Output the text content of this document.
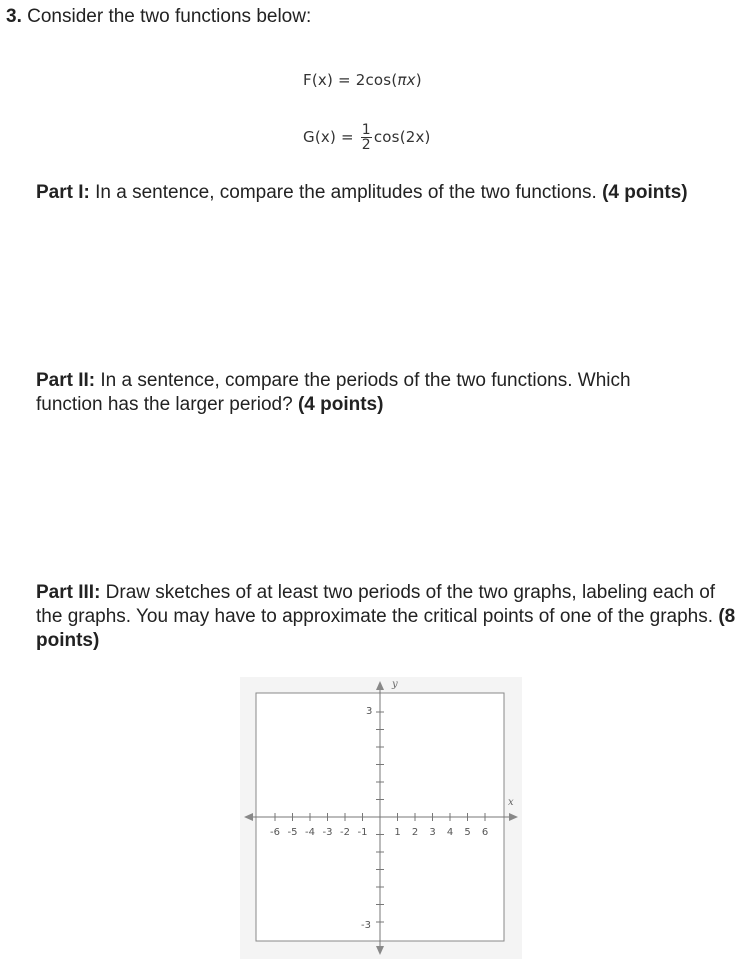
3. Consider the two functions below:
F(x) = 2cos(πx)
$G(x) = \frac{1}{2} \cos(2x)$
Part I: In a sentence, compare the amplitudes of the two functions. (4 points)
Part II: In a sentence, compare the periods of the two functions. Which function has the larger period? (4 points)
Part III: Draw sketches of at least two periods of the two graphs, labeling each of the graphs. You may have to approximate the critical points of one of the graphs. (8 points)
x
y
3
-3
-6 -5 -4 -3 -2 -1	1 2 3 4 5 6
